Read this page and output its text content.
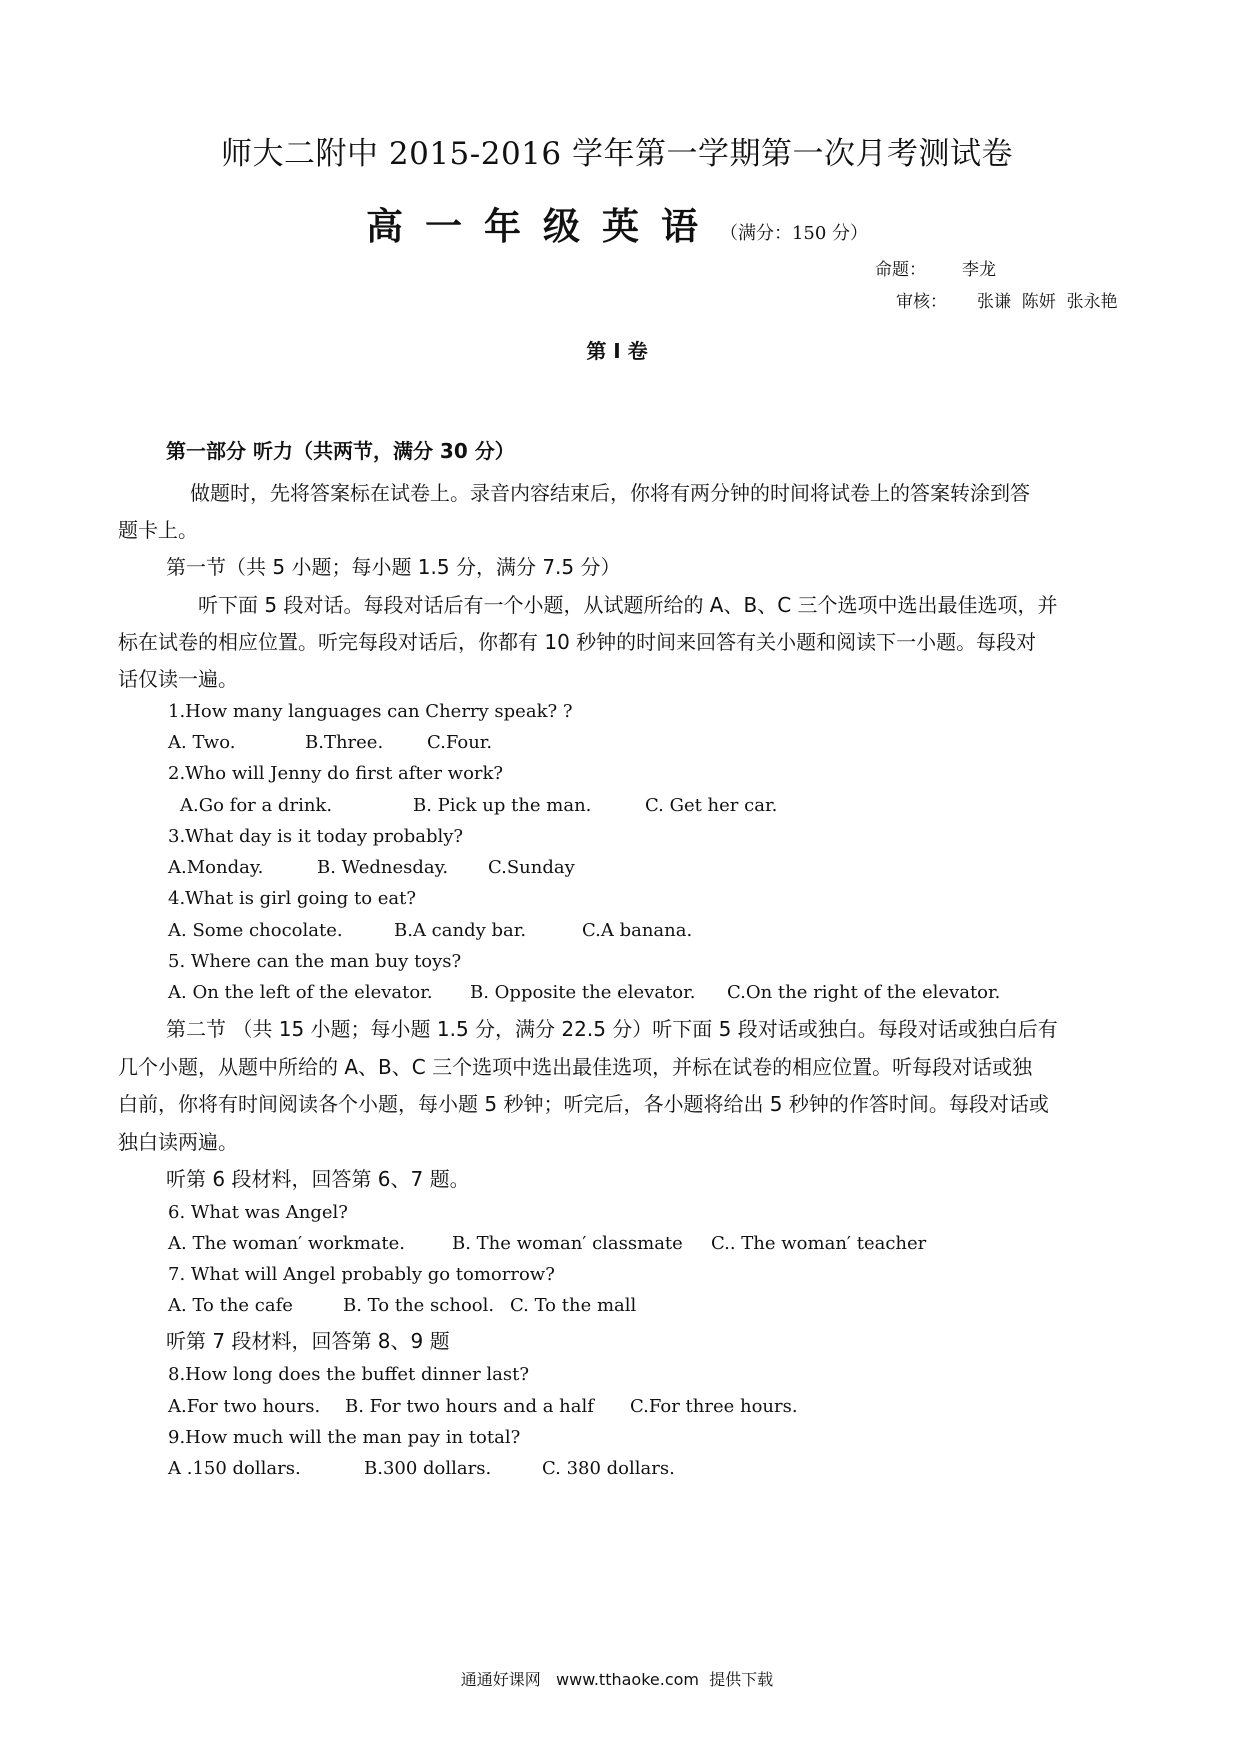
师大二附中 2015-2016 学年第一学期第一次月考测试卷
高一年级英语（满分：150 分）
命题： 李龙
审核： 张谦  陈妍  张永艳
第 I 卷
第一部分 听力（共两节，满分 30 分）
做题时，先将答案标在试卷上。录音内容结束后，你将有两分钟的时间将试卷上的答案转涂到答
题卡上。
第一节（共 5 小题；每小题 1.5 分，满分 7.5 分）
听下面 5 段对话。每段对话后有一个小题，从试题所给的 A、B、C 三个选项中选出最佳选项，并
标在试卷的相应位置。听完每段对话后，你都有 10 秒钟的时间来回答有关小题和阅读下一小题。每段对
话仅读一遍。
1.How many languages can Cherry speak? ?
A. Two.	B.Three. C.Four.
2.Who will Jenny do first after work?
A.Go for a drink.	B. Pick up the man.	C. Get her car.
3.What day is it today probably?
A.Monday.	B. Wednesday. C.Sunday
4.What is girl going to eat?
A. Some chocolate.	B.A candy bar.	C.A banana.
5. Where can the man buy toys?
A. On the left of the elevator. B. Opposite the elevator. C.On the right of the elevator.
第二节 （共 15 小题；每小题 1.5 分，满分 22.5 分）听下面 5 段对话或独白。每段对话或独白后有
几个小题，从题中所给的 A、B、C 三个选项中选出最佳选项，并标在试卷的相应位置。听每段对话或独
白前，你将有时间阅读各个小题，每小题 5 秒钟；听完后，各小题将给出 5 秒钟的作答时间。每段对话或
独白读两遍。
听第 6 段材料，回答第 6、7 题。
6. What was Angel?
A. The woman′ workmate.	B. The woman′ classmate C.. The woman′ teacher
7. What will Angel probably go tomorrow?
A. To the cafe	B. To the school. C. To the mall
听第 7 段材料，回答第 8、9 题
8.How long does the buffet dinner last?
A.For two hours. B. For two hours and a half C.For three hours.
9.How much will the man pay in total?
A .150 dollars.	B.300 dollars.	C. 380 dollars.
通通好课网   www.tthaoke.com  提供下载
